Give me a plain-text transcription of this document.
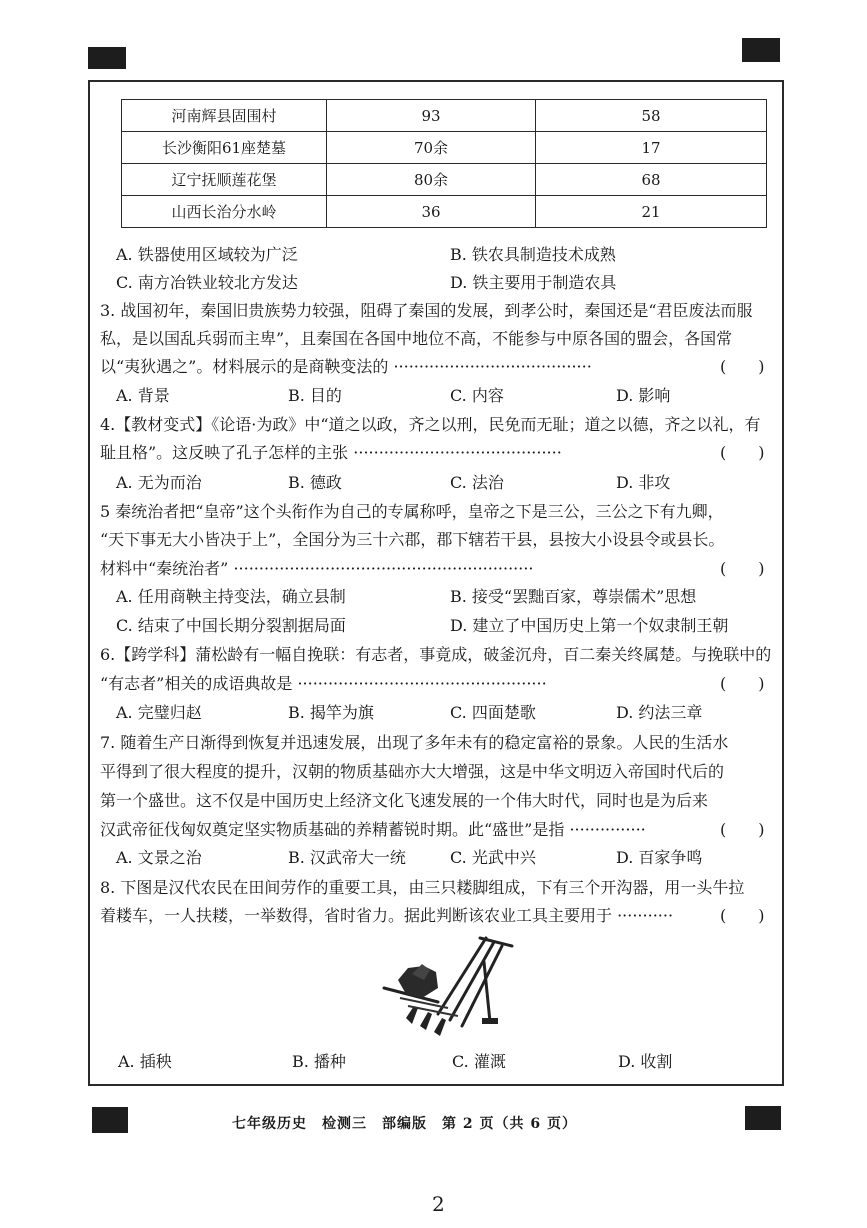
河南辉县固围村	93	58
长沙衡阳61座楚墓	70余	17
辽宁抚顺莲花堡	80余	68
山西长治分水岭	36	21
A. 铁器使用区域较为广泛	B. 铁农具制造技术成熟
C. 南方冶铁业较北方发达	D. 铁主要用于制造农具
3. 战国初年，秦国旧贵族势力较强，阻碍了秦国的发展，到孝公时，秦国还是“君臣废法而服
私，是以国乱兵弱而主卑”，且秦国在各国中地位不高，不能参与中原各国的盟会，各国常
以“夷狄遇之”。材料展示的是商鞅变法的 ·······································	(　　)
A. 背景	B. 目的	C. 内容	D. 影响
4.【教材变式】《论语·为政》中“道之以政，齐之以刑，民免而无耻；道之以德，齐之以礼，有
耻且格”。这反映了孔子怎样的主张 ·········································	(　　)
A. 无为而治	B. 德政	C. 法治	D. 非攻
5 秦统治者把“皇帝”这个头衔作为自己的专属称呼，皇帝之下是三公，三公之下有九卿，
“天下事无大小皆决于上”，全国分为三十六郡，郡下辖若干县，县按大小设县令或县长。
材料中“秦统治者” ···························································	(　　)
A. 任用商鞅主持变法，确立县制	B. 接受“罢黜百家，尊崇儒术”思想
C. 结束了中国长期分裂割据局面	D. 建立了中国历史上第一个奴隶制王朝
6.【跨学科】蒲松龄有一幅自挽联：有志者，事竟成，破釜沉舟，百二秦关终属楚。与挽联中的
“有志者”相关的成语典故是 ·················································	(　　)
A. 完璧归赵	B. 揭竿为旗	C. 四面楚歌	D. 约法三章
7. 随着生产日渐得到恢复并迅速发展，出现了多年未有的稳定富裕的景象。人民的生活水
平得到了很大程度的提升，汉朝的物质基础亦大大增强，这是中华文明迈入帝国时代后的
第一个盛世。这不仅是中国历史上经济文化飞速发展的一个伟大时代，同时也是为后来
汉武帝征伐匈奴奠定坚实物质基础的养精蓄锐时期。此“盛世”是指 ···············	(　　)
A. 文景之治	B. 汉武帝大一统	C. 光武中兴	D. 百家争鸣
8. 下图是汉代农民在田间劳作的重要工具，由三只耧脚组成，下有三个开沟器，用一头牛拉
着耧车，一人扶耧，一举数得，省时省力。据此判断该农业工具主要用于 ···········	(　　)
A. 插秧	B. 播种	C. 灌溉	D. 收割
七年级历史　检测三　部编版　第 2 页（共 6 页）
2
